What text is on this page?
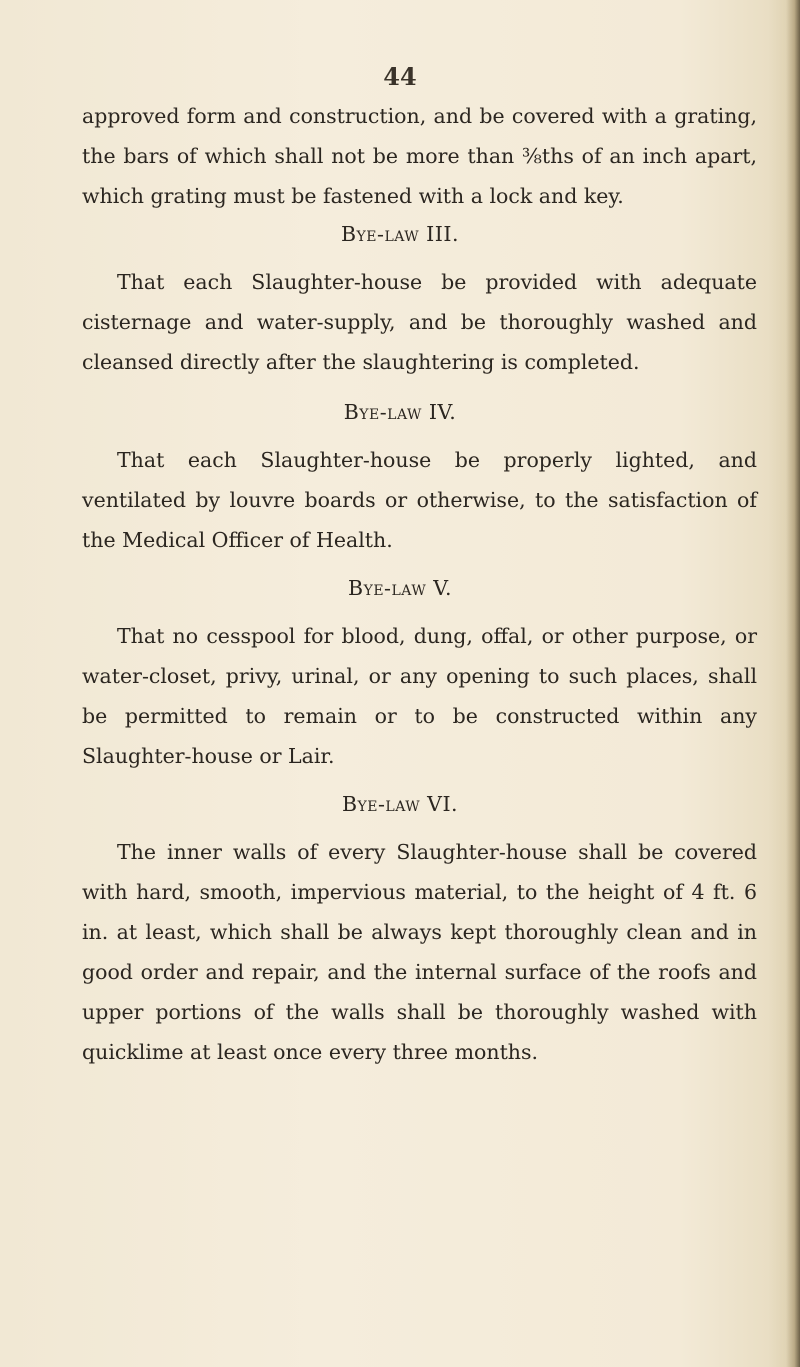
44

approved form and construction, and be covered with a grating, the bars of which shall not be more than ⅜ths of an inch apart, which grating must be fastened with a lock and key.

Bye-law III.

That each Slaughter-house be provided with adequate cisternage and water-supply, and be thoroughly washed and cleansed directly after the slaughtering is completed.

Bye-law IV.

That each Slaughter-house be properly lighted, and ventilated by louvre boards or otherwise, to the satisfaction of the Medical Officer of Health.

Bye-law V.

That no cesspool for blood, dung, offal, or other purpose, or water-closet, privy, urinal, or any opening to such places, shall be permitted to remain or to be constructed within any Slaughter-house or Lair.

Bye-law VI.

The inner walls of every Slaughter-house shall be covered with hard, smooth, impervious material, to the height of 4 ft. 6 in. at least, which shall be always kept thoroughly clean and in good order and repair, and the internal surface of the roofs and upper portions of the walls shall be thoroughly washed with quicklime at least once every three months.
